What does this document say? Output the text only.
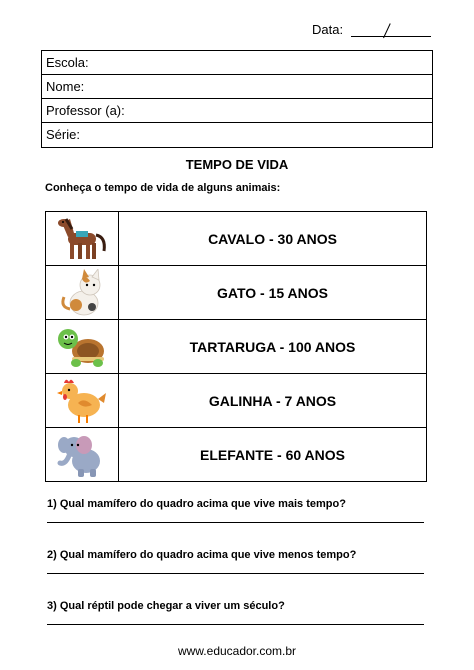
Data:
Escola:
Nome:
Professor (a):
Série:
TEMPO DE VIDA
Conheça o tempo de vida de alguns animais:
CAVALO - 30 ANOS
GATO - 15 ANOS
TARTARUGA - 100 ANOS
GALINHA - 7 ANOS
ELEFANTE - 60 ANOS
1) Qual mamífero do quadro acima que vive mais tempo?
2) Qual mamífero do quadro acima que vive menos tempo?
3) Qual réptil pode chegar a viver um século?
www.educador.com.br
